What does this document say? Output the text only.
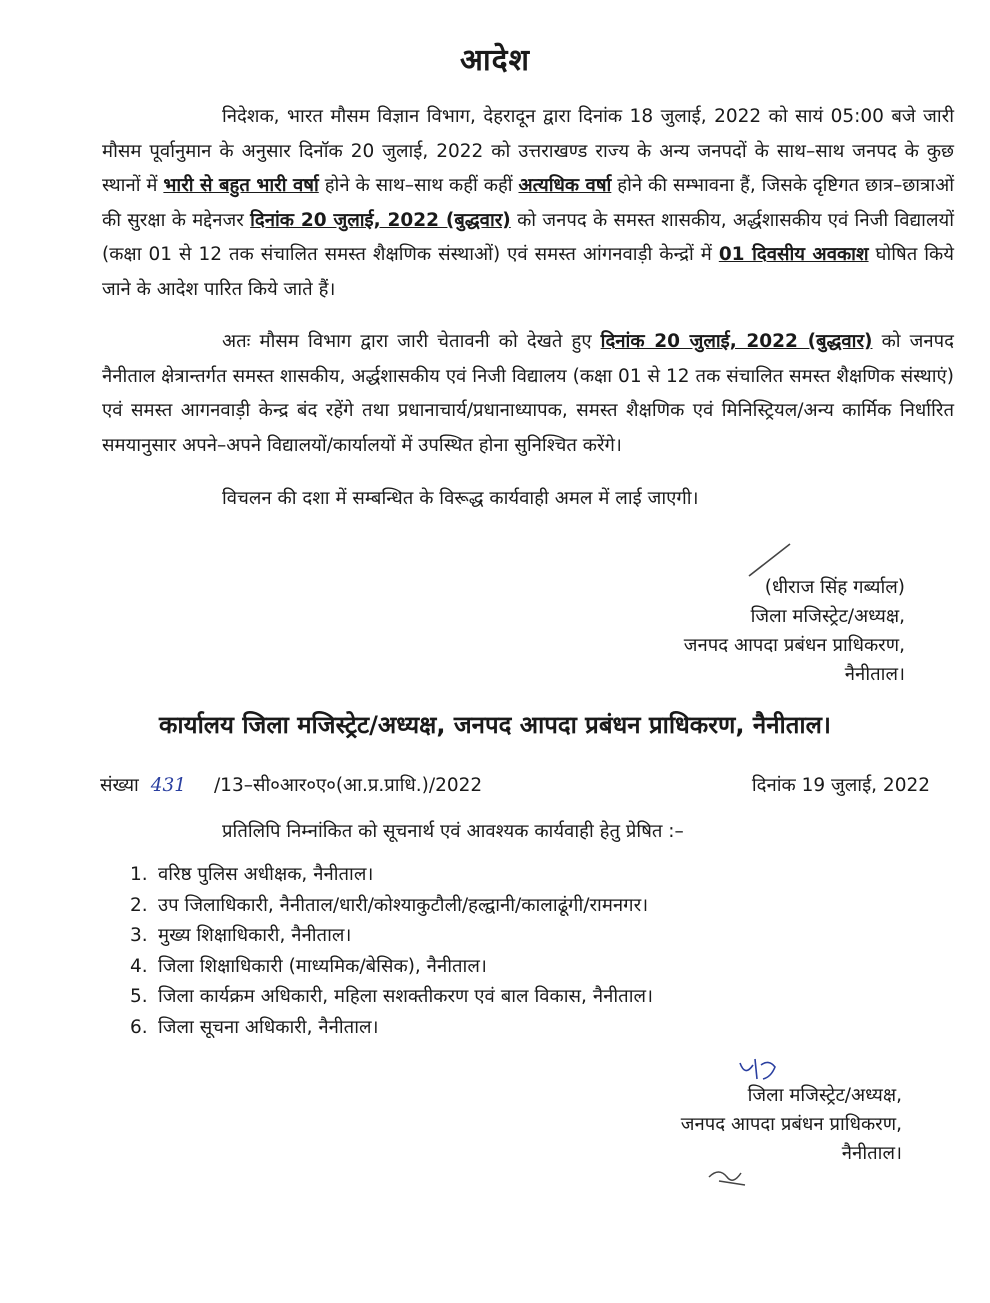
आदेश

निदेशक, भारत मौसम विज्ञान विभाग, देहरादून द्वारा दिनांक 18 जुलाई, 2022 को सायं 05:00 बजे जारी मौसम पूर्वानुमान के अनुसार दिनॉक 20 जुलाई, 2022 को उत्तराखण्ड राज्य के अन्य जनपदों के साथ–साथ जनपद के कुछ स्थानों में भारी से बहुत भारी वर्षा होने के साथ–साथ कहीं कहीं अत्यधिक वर्षा होने की सम्भावना हैं, जिसके दृष्टिगत छात्र–छात्राओं की सुरक्षा के मद्देनजर दिनांक 20 जुलाई, 2022 (बुद्धवार) को जनपद के समस्त शासकीय, अर्द्धशासकीय एवं निजी विद्यालयों (कक्षा 01 से 12 तक संचालित समस्त शैक्षणिक संस्थाओं) एवं समस्त आंगनवाड़ी केन्द्रों में 01 दिवसीय अवकाश घोषित किये जाने के आदेश पारित किये जाते हैं।

अतः मौसम विभाग द्वारा जारी चेतावनी को देखते हुए दिनांक 20 जुलाई, 2022 (बुद्धवार) को जनपद नैनीताल क्षेत्रान्तर्गत समस्त शासकीय, अर्द्धशासकीय एवं निजी विद्यालय (कक्षा 01 से 12 तक संचालित समस्त शैक्षणिक संस्थाएं) एवं समस्त आगनवाड़ी केन्द्र बंद रहेंगे तथा प्रधानाचार्य/प्रधानाध्यापक, समस्त शैक्षणिक एवं मिनिस्ट्रियल/अन्य कार्मिक निर्धारित समयानुसार अपने–अपने विद्यालयों/कार्यालयों में उपस्थित होना सुनिश्चित करेंगे।

विचलन की दशा में सम्बन्धित के विरूद्ध कार्यवाही अमल में लाई जाएगी।

(धीराज सिंह गर्ब्याल)
जिला मजिस्ट्रेट/अध्यक्ष,
जनपद आपदा प्रबंधन प्राधिकरण,
नैनीताल।
कार्यालय जिला मजिस्ट्रेट/अध्यक्ष, जनपद आपदा प्रबंधन प्राधिकरण, नैनीताल।
संख्या 431 /13–सी०आर०ए०(आ.प्र.प्राधि.)/2022	दिनांक 19 जुलाई, 2022
प्रतिलिपि निम्नांकित को सूचनार्थ एवं आवश्यक कार्यवाही हेतु प्रेषित :–
1. वरिष्ठ पुलिस अधीक्षक, नैनीताल।
2. उप जिलाधिकारी, नैनीताल/धारी/कोश्याकुटौली/हल्द्वानी/कालाढूंगी/रामनगर।
3. मुख्य शिक्षाधिकारी, नैनीताल।
4. जिला शिक्षाधिकारी (माध्यमिक/बेसिक), नैनीताल।
5. जिला कार्यक्रम अधिकारी, महिला सशक्तीकरण एवं बाल विकास, नैनीताल।
6. जिला सूचना अधिकारी, नैनीताल।
जिला मजिस्ट्रेट/अध्यक्ष,
जनपद आपदा प्रबंधन प्राधिकरण,
नैनीताल।
